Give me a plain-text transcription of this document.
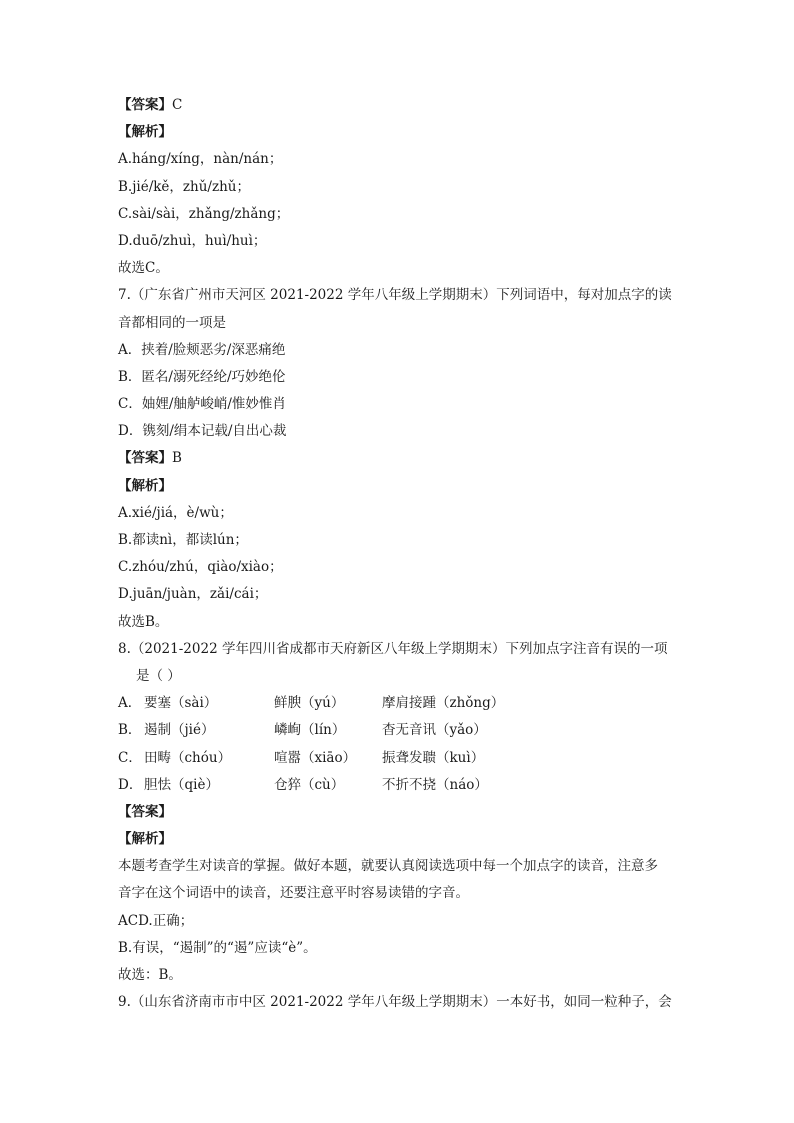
【答案】C
【解析】
A.háng/xíng，nàn/nán；
B.jié/kě，zhǔ/zhǔ；
C.sài/sài，zhǎng/zhǎng；
D.duō/zhuì，huì/huì；
故选C。
7.（广东省广州市天河区 2021-2022 学年八年级上学期期末）下列词语中，每对加点字的读
音都相同的一项是
A．挟着/脸颊恶劣/深恶痛绝
B．匿名/溺死经纶/巧妙绝伦
C．妯娌/舳舻峻峭/惟妙惟肖
D．镌刻/绢本记载/自出心裁
【答案】B
【解析】
A.xié/jiá，è/wù；
B.都读nì，都读lún；
C.zhóu/zhú，qiào/xiào；
D.juān/juàn，zǎi/cái；
故选B。
8.（2021-2022 学年四川省成都市天府新区八年级上学期期末）下列加点字注音有误的一项
是（ ）
A． 要塞（sài）	鲜腴（yú）	摩肩接踵（zhǒng）
B． 遏制（jié）	嶙峋（lín）	杳无音讯（yǎo）
C． 田畴（chóu）	喧嚣（xiāo）	振聋发聩（kuì）
D． 胆怯（qiè）	仓猝（cù）	不折不挠（náo）
【答案】
【解析】
本题考查学生对读音的掌握。做好本题，就要认真阅读选项中每一个加点字的读音，注意多
音字在这个词语中的读音，还要注意平时容易读错的字音。
ACD.正确；
B.有误，“遏制”的“遏”应读“è”。
故选：B。
9.（山东省济南市市中区 2021-2022 学年八年级上学期期末）一本好书，如同一粒种子，会
